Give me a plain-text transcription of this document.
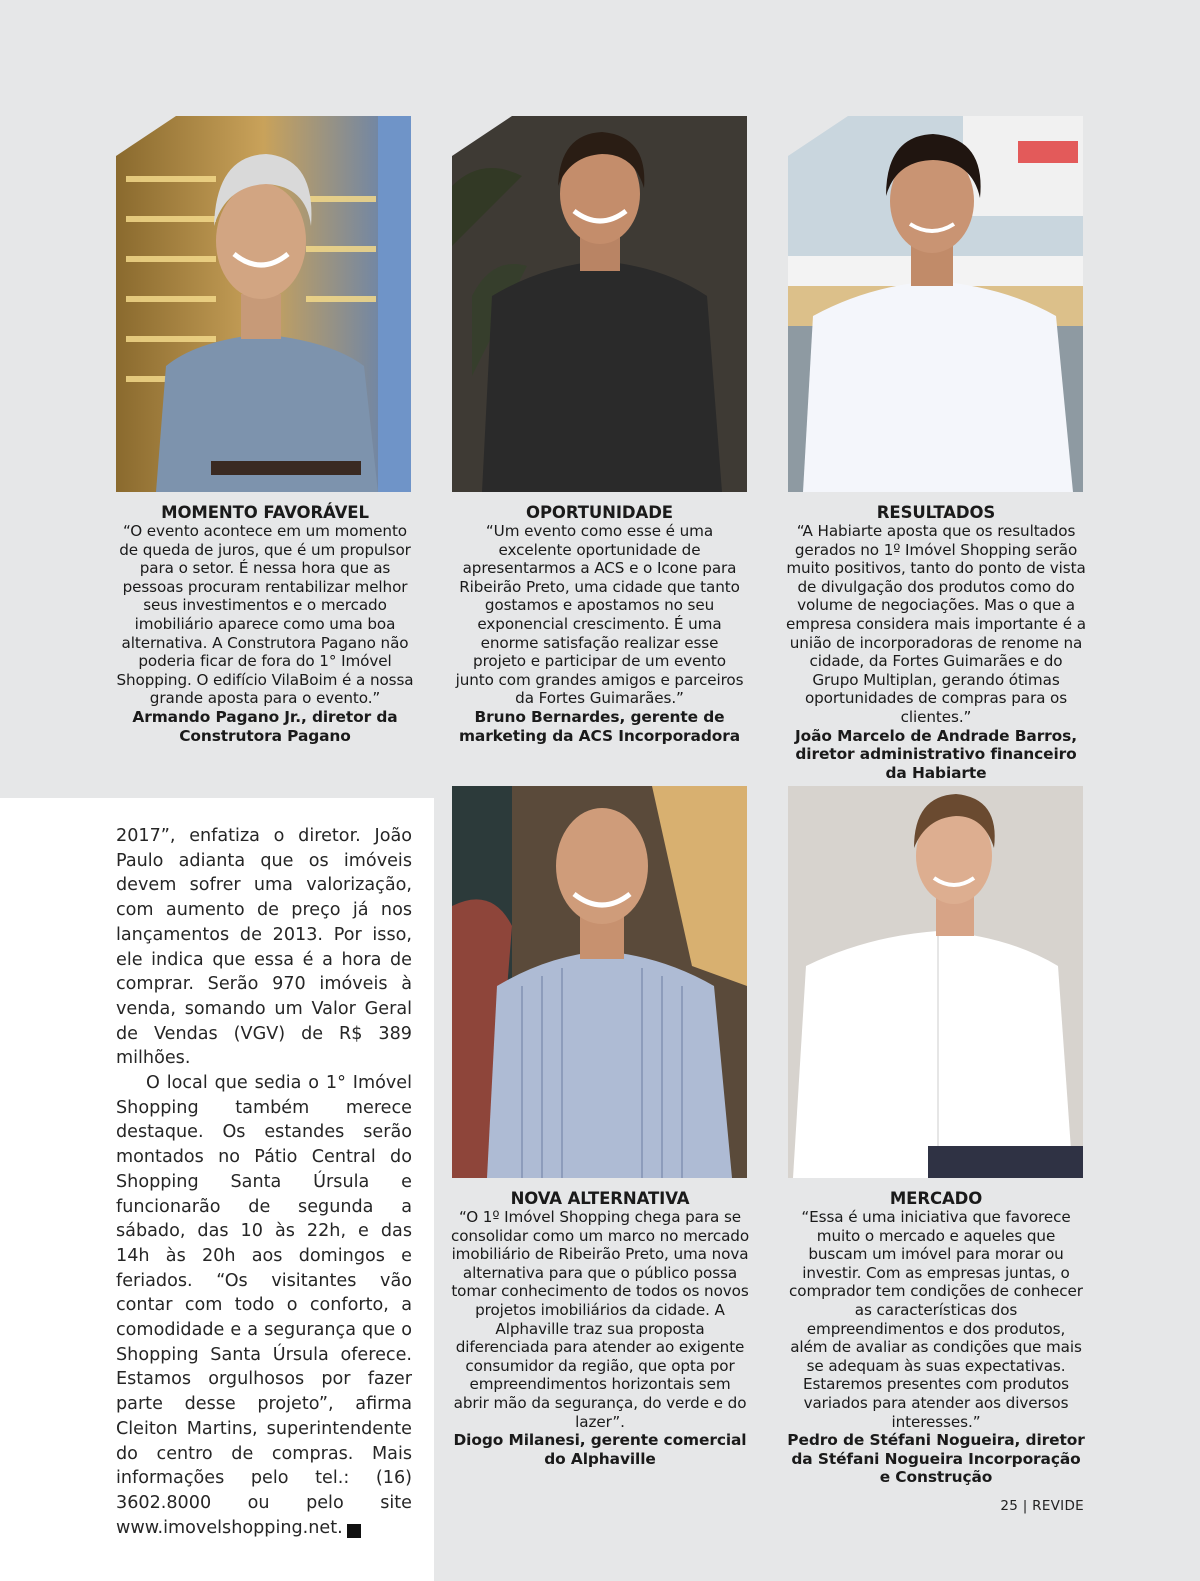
MOMENTO FAVORÁVEL
“O evento acontece em um momento de queda de juros, que é um propulsor para o setor. É nessa hora que as pessoas procuram rentabilizar melhor seus investimentos e o mercado imobiliário aparece como uma boa alternativa. A Construtora Pagano não poderia ficar de fora do 1° Imóvel Shopping. O edifício VilaBoim é a nossa grande aposta para o evento.”
Armando Pagano Jr., diretor da Construtora Pagano
OPORTUNIDADE
“Um evento como esse é uma excelente oportunidade de apresentarmos a ACS e o Icone para Ribeirão Preto, uma cidade que tanto gostamos e apostamos no seu exponencial crescimento. É uma enorme satisfação realizar esse projeto e participar de um evento junto com grandes amigos e parceiros da Fortes Guimarães.”
Bruno Bernardes, gerente de marketing da ACS Incorporadora
RESULTADOS
“A Habiarte aposta que os resultados gerados no 1º Imóvel Shopping serão muito positivos, tanto do ponto de vista de divulgação dos produtos como do volume de negociações. Mas o que a empresa considera mais importante é a união de incorporadoras de renome na cidade, da Fortes Guimarães e do Grupo Multiplan, gerando ótimas oportunidades de compras para os clientes.”
João Marcelo de Andrade Barros, diretor administrativo financeiro da Habiarte
NOVA ALTERNATIVA
“O 1º Imóvel Shopping chega para se consolidar como um marco no mercado imobiliário de Ribeirão Preto, uma nova alternativa para que o público possa tomar conhecimento de todos os novos projetos imobiliários da cidade. A Alphaville traz sua proposta diferenciada para atender ao exigente consumidor da região, que opta por empreendimentos horizontais sem abrir mão da segurança, do verde e do lazer”.
Diogo Milanesi, gerente comercial do Alphaville
MERCADO
“Essa é uma iniciativa que favorece muito o mercado e aqueles que buscam um imóvel para morar ou investir. Com as empresas juntas, o comprador tem condições de conhecer as características dos empreendimentos e dos produtos, além de avaliar as condições que mais se adequam às suas expectativas. Estaremos presentes com produtos variados para atender aos diversos interesses.”
Pedro de Stéfani Nogueira, diretor da Stéfani Nogueira Incorporação e Construção

2017”, enfatiza o diretor. João Paulo adianta que os imóveis devem sofrer uma valorização, com aumento de preço já nos lançamentos de 2013. Por isso, ele indica que essa é a hora de comprar. Serão 970 imóveis à venda, somando um Valor Geral de Vendas (VGV) de R$ 389 milhões.

O local que sedia o 1° Imóvel Shopping também merece destaque. Os estandes serão montados no Pátio Central do Shopping Santa Úrsula e funcionarão de segunda a sábado, das 10 às 22h, e das 14h às 20h aos domingos e feriados. “Os visitantes vão contar com todo o conforto, a comodidade e a segurança que o Shopping Santa Úrsula oferece. Estamos orgulhosos por fazer parte desse projeto”, afirma Cleiton Martins, superintendente do centro de compras. Mais informações pelo tel.: (16) 3602.8000 ou pelo site www.imovelshopping.net.	r

25 | REVIDE
